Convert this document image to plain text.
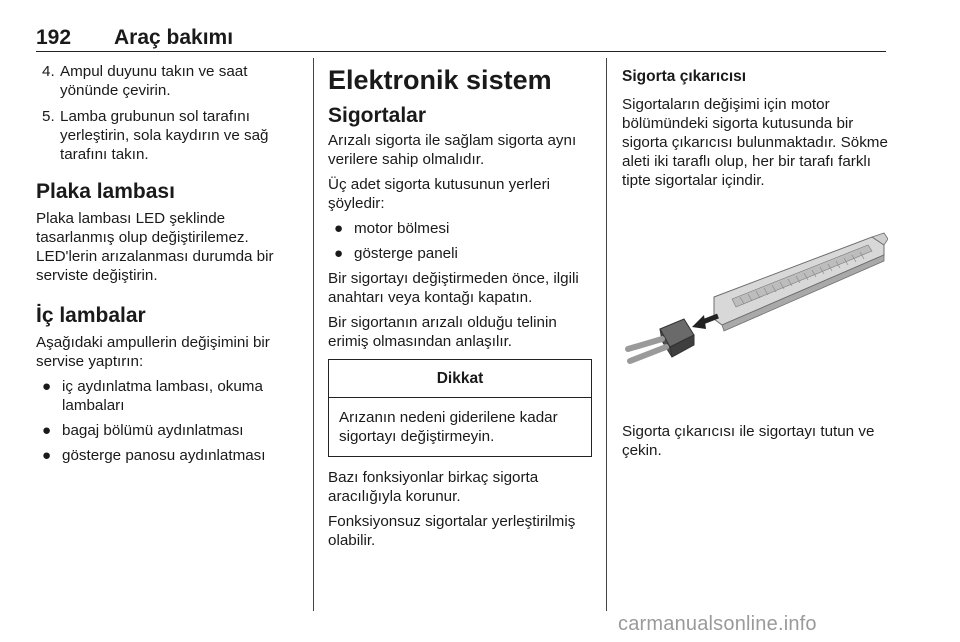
192 Araç bakımı
4. Ampul duyunu takın ve saat yönünde çevirin.
5. Lamba grubunun sol tarafını yerleştirin, sola kaydırın ve sağ tarafını takın.
Plaka lambası

Plaka lambası LED şeklinde tasarlanmış olup değiştirilemez. LED'lerin arızalanması durumda bir serviste değiştirin.

İç lambalar

Aşağıdaki ampullerin değişimini bir servise yaptırın:

● iç aydınlatma lambası, okuma lambaları
● bagaj bölümü aydınlatması
● gösterge panosu aydınlatması
Elektronik sistem
Sigortalar

Arızalı sigorta ile sağlam sigorta aynı verilere sahip olmalıdır.

Üç adet sigorta kutusunun yerleri şöyledir:

● motor bölmesi
● gösterge paneli

Bir sigortayı değiştirmeden önce, ilgili anahtarı veya kontağı kapatın.

Bir sigortanın arızalı olduğu telinin erimiş olmasından anlaşılır.

Dikkat

Arızanın nedeni giderilene kadar sigortayı değiştirmeyin.

Bazı fonksiyonlar birkaç sigorta aracılığıyla korunur.

Fonksiyonsuz sigortalar yerleştirilmiş olabilir.

Sigorta çıkarıcısı

Sigortaların değişimi için motor bölümündeki sigorta kutusunda bir sigorta çıkarıcısı bulunmaktadır. Sökme aleti iki taraflı olup, her bir tarafı farklı tipte sigortalar içindir.

Sigorta çıkarıcısı ile sigortayı tutun ve çekin.

carmanualsonline.info
